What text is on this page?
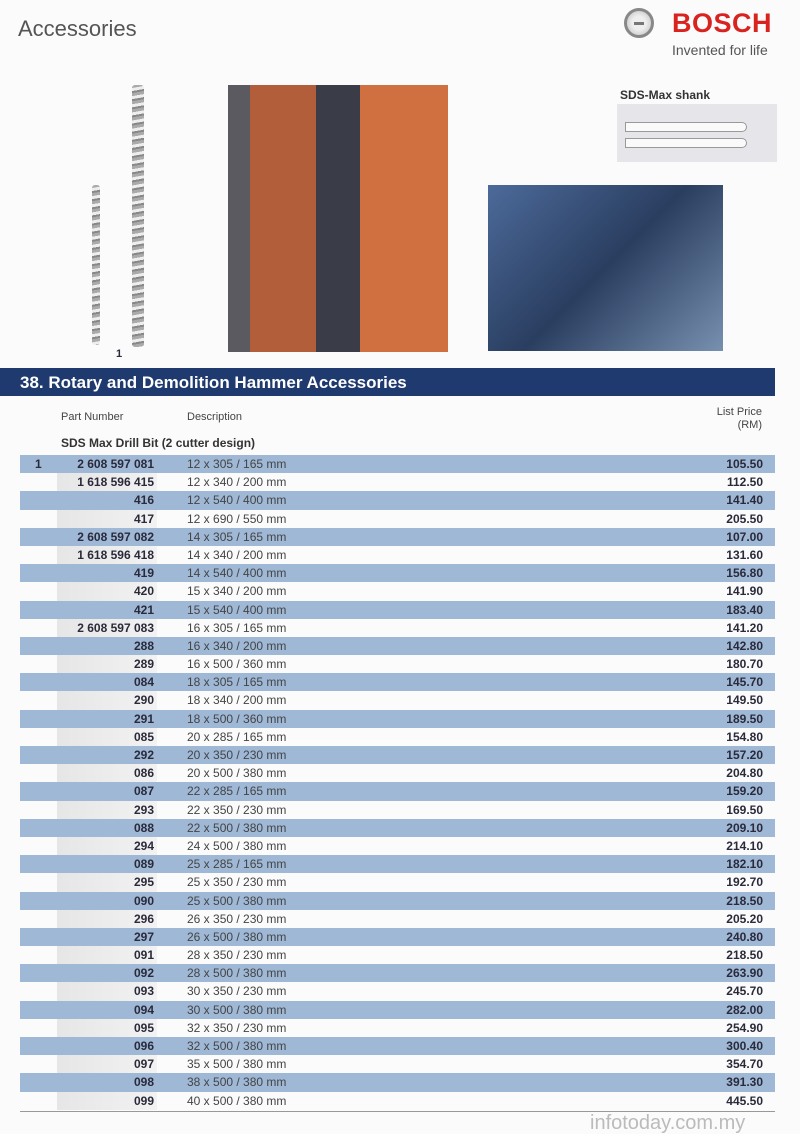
Accessories	BOSCH
Invented for life
1
SDS-Max shank
38. Rotary and Demolition Hammer Accessories
Part Number	Description	List Price
(RM)
SDS Max Drill Bit (2 cutter design)
1	2 608 597 081	12 x 305 / 165 mm	105.50
1 618 596 415	12 x 340 / 200 mm	112.50
416	12 x 540 / 400 mm	141.40
417	12 x 690 / 550 mm	205.50
2 608 597 082	14 x 305 / 165 mm	107.00
1 618 596 418	14 x 340 / 200 mm	131.60
419	14 x 540 / 400 mm	156.80
420	15 x 340 / 200 mm	141.90
421	15 x 540 / 400 mm	183.40
2 608 597 083	16 x 305 / 165 mm	141.20
288	16 x 340 / 200 mm	142.80
289	16 x 500 / 360 mm	180.70
084	18 x 305 / 165 mm	145.70
290	18 x 340 / 200 mm	149.50
291	18 x 500 / 360 mm	189.50
085	20 x 285 / 165 mm	154.80
292	20 x 350 / 230 mm	157.20
086	20 x 500 / 380 mm	204.80
087	22 x 285 / 165 mm	159.20
293	22 x 350 / 230 mm	169.50
088	22 x 500 / 380 mm	209.10
294	24 x 500 / 380 mm	214.10
089	25 x 285 / 165 mm	182.10
295	25 x 350 / 230 mm	192.70
090	25 x 500 / 380 mm	218.50
296	26 x 350 / 230 mm	205.20
297	26 x 500 / 380 mm	240.80
091	28 x 350 / 230 mm	218.50
092	28 x 500 / 380 mm	263.90
093	30 x 350 / 230 mm	245.70
094	30 x 500 / 380 mm	282.00
095	32 x 350 / 230 mm	254.90
096	32 x 500 / 380 mm	300.40
097	35 x 500 / 380 mm	354.70
098	38 x 500 / 380 mm	391.30
099	40 x 500 / 380 mm	445.50
infotoday.com.my
